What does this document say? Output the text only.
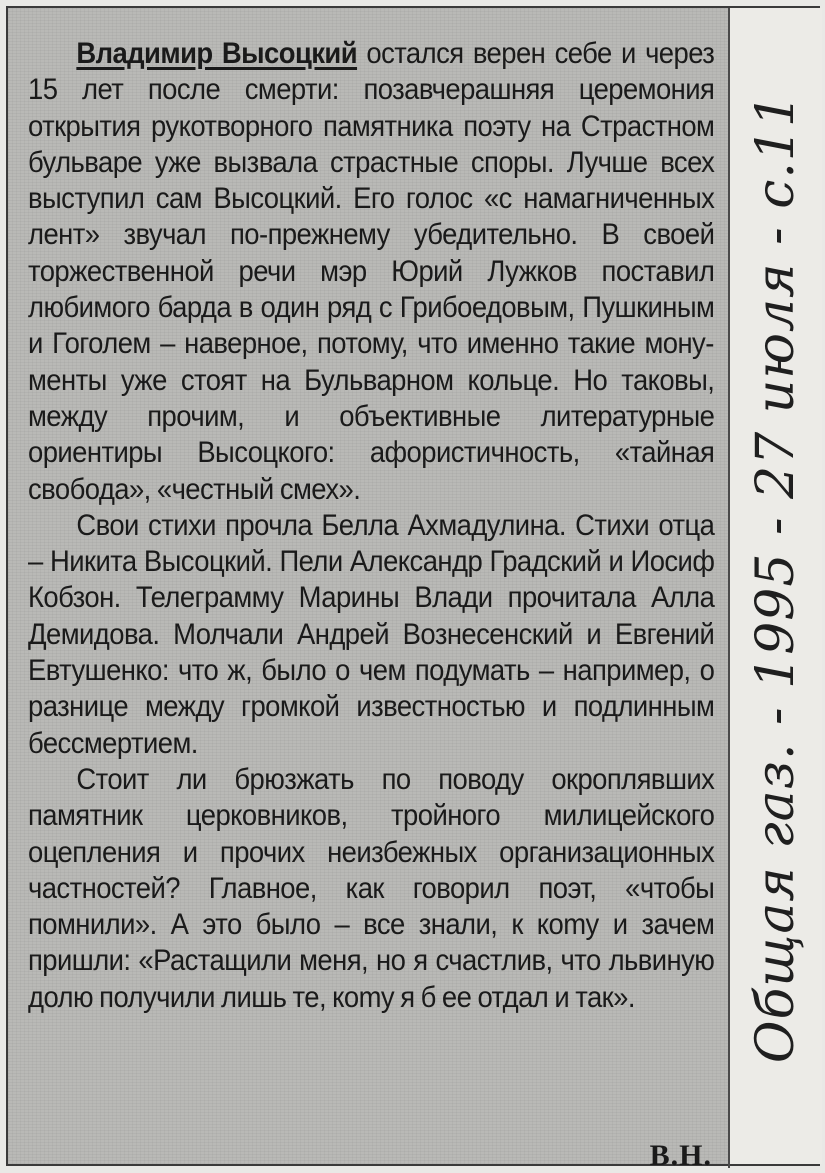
Владимир Высоцкий остался верен себе и через 15 лет после смерти: позавчерашняя церемония открытия рукотворного памятника поэту на Страстном бульваре уже вызвала страстные споры. Лучше всех выступил сам Высоцкий. Его голос «с намагниченных лент» звучал по-прежнему убедительно. В своей торжественной речи мэр Юрий Лужков поставил любимого барда в один ряд с Грибоедовым, Пушкиным и Гоголем – наверное, потому, что именно такие монументы уже стоят на Бульварном кольце. Но таковы, между прочим, и объективные литературные ориентиры Высоцкого: афористичность, «тайная свобода», «честный смех».

Свои стихи прочла Белла Ахмадулина. Стихи отца – Никита Высоцкий. Пели Александр Градский и Иосиф Кобзон. Телеграмму Марины Влади прочитала Алла Демидова. Молчали Андрей Вознесенский и Евгений Евтушенко: что ж, было о чем подумать – например, о разнице между громкой известностью и подлинным бессмертием.

Стоит ли брюзжать по поводу окроплявших памятник церковников, тройного милицейского оцепления и прочих неизбежных организационных частностей? Главное, как говорил поэт, «чтобы помнили». А это было – все знали, к коmу и зачем пришли: «Растащили меня, но я счастлив, что львиную долю получили лишь те, коmу я б ее отдал и так».

В.Н.
Общая газ. - 1995 - 27 июля - с.11
